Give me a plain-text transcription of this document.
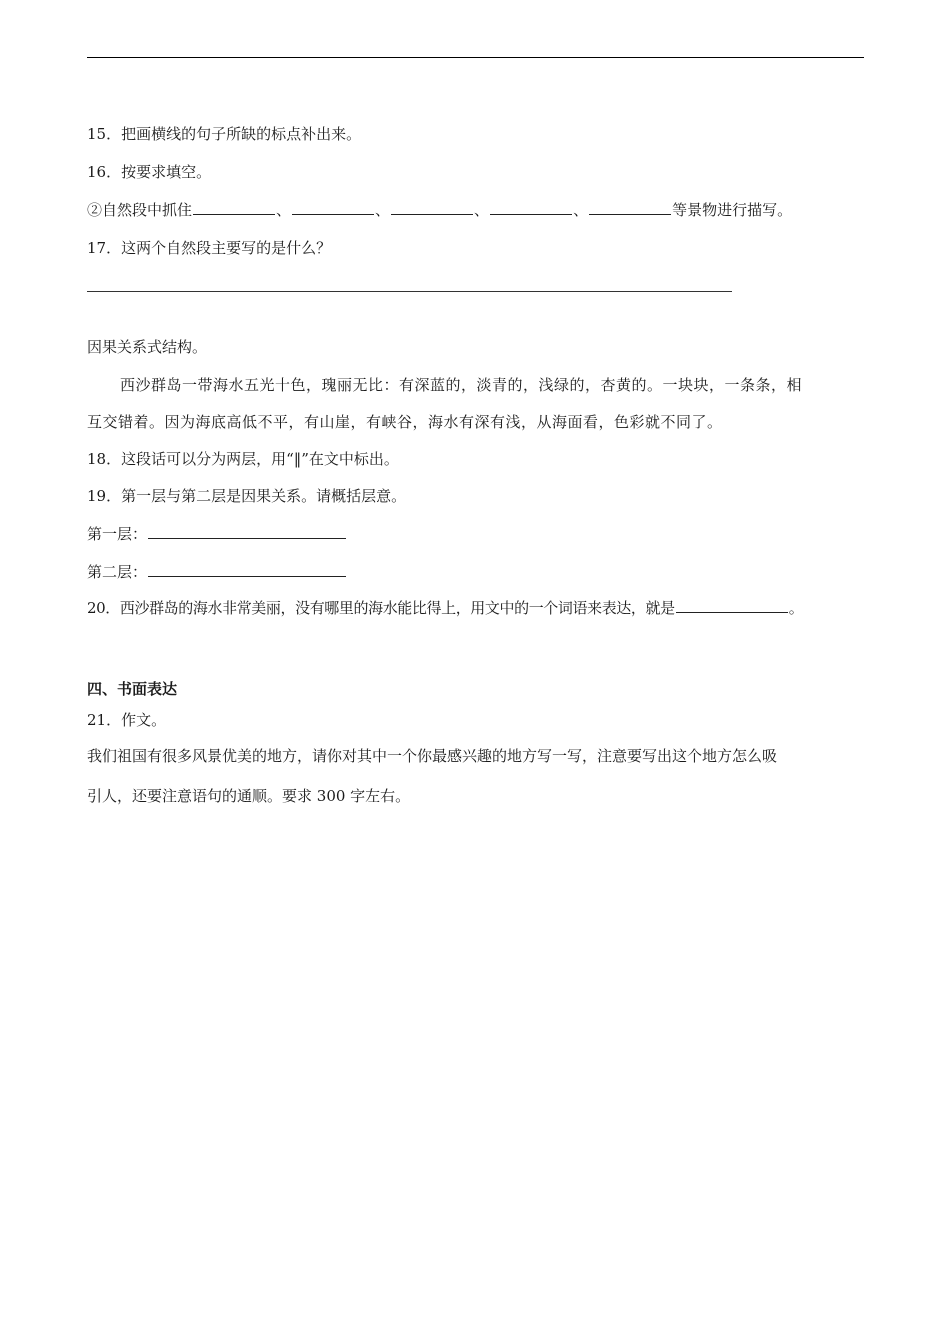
15．把画横线的句子所缺的标点补出来。
16．按要求填空。
②自然段中抓住	、	、	、	、	等景物进行描写。
17．这两个自然段主要写的是什么？
因果关系式结构。
西沙群岛一带海水五光十色，瑰丽无比：有深蓝的，淡青的，浅绿的，杏黄的。一块块，一条条，相
互交错着。因为海底高低不平，有山崖，有峡谷，海水有深有浅，从海面看，色彩就不同了。
18．这段话可以分为两层，用“‖”在文中标出。
19．第一层与第二层是因果关系。请概括层意。
第一层：
第二层：
20．西沙群岛的海水非常美丽，没有哪里的海水能比得上，用文中的一个词语来表达，就是	。
四、书面表达
21．作文。
我们祖国有很多风景优美的地方，请你对其中一个你最感兴趣的地方写一写，注意要写出这个地方怎么吸
引人，还要注意语句的通顺。要求 300 字左右。
